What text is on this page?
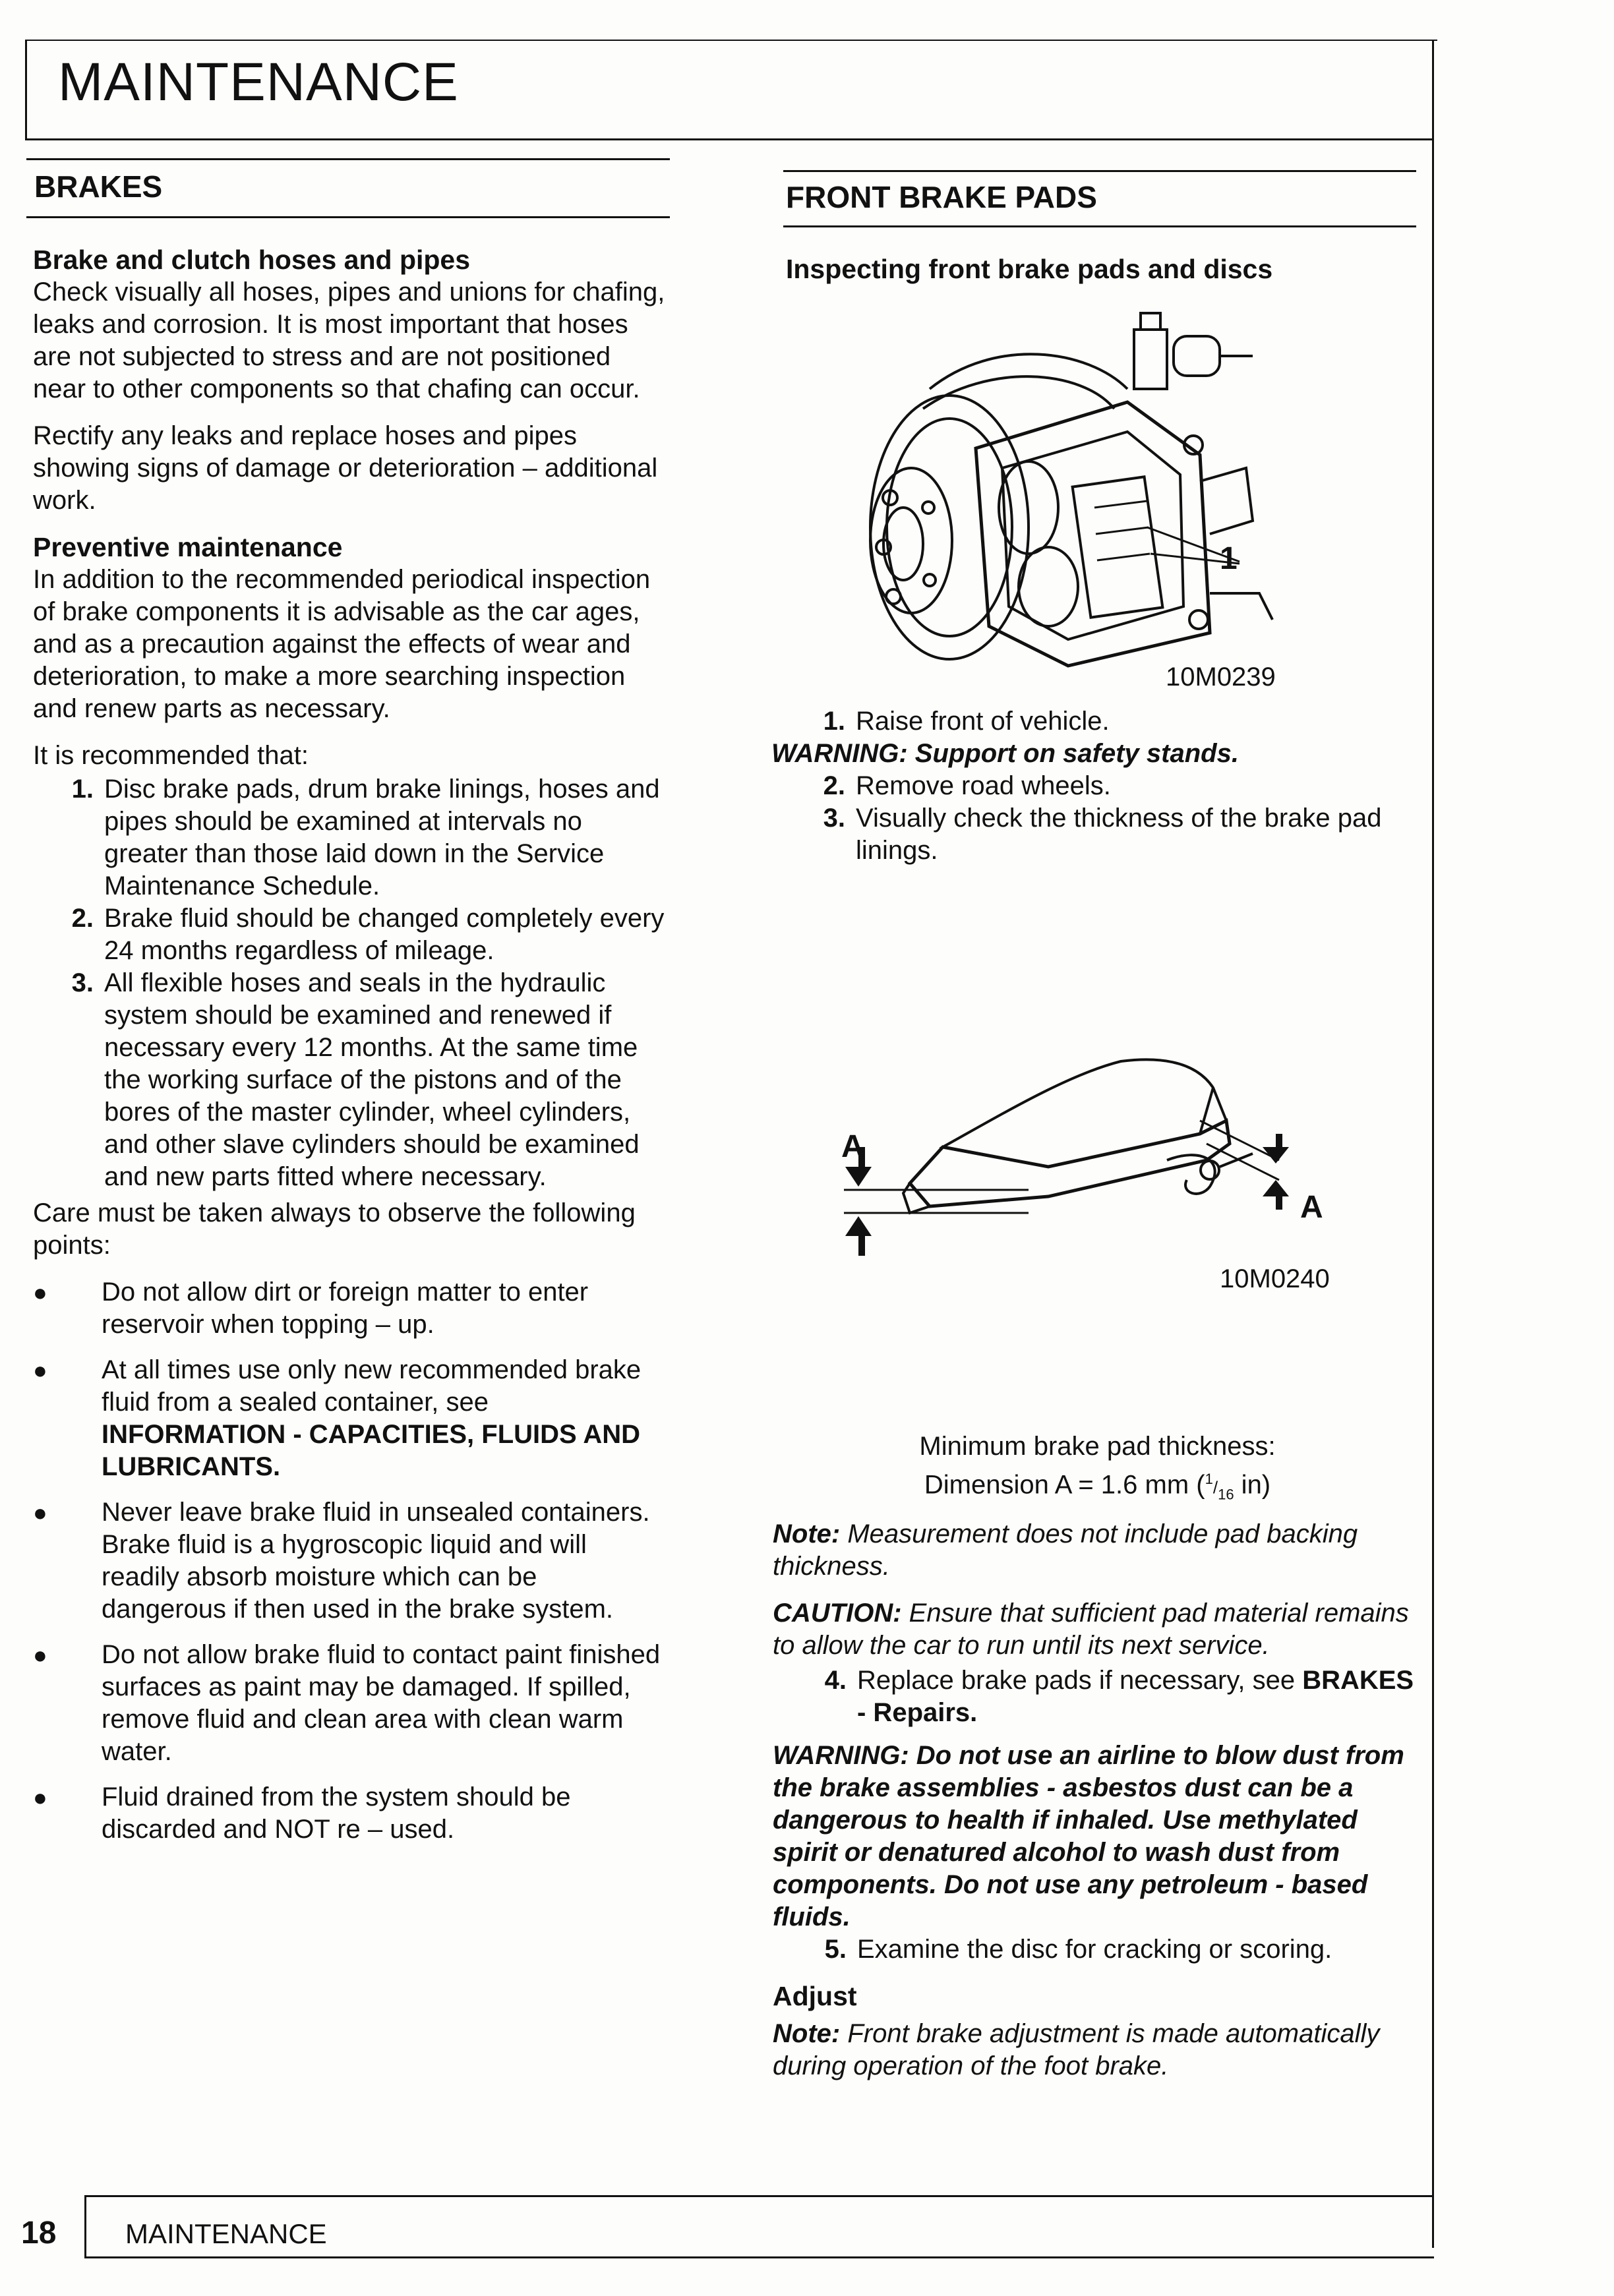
MAINTENANCE
BRAKES
Brake and clutch hoses and pipes

Check visually all hoses, pipes and unions for chafing, leaks and corrosion. It is most important that hoses are not subjected to stress and are not positioned near to other components so that chafing can occur.

Rectify any leaks and replace hoses and pipes showing signs of damage or deterioration – additional work.

Preventive maintenance

In addition to the recommended periodical inspection of brake components it is advisable as the car ages, and as a precaution against the effects of wear and deterioration, to make a more searching inspection and renew parts as necessary.

It is recommended that:

1. Disc brake pads, drum brake linings, hoses and pipes should be examined at intervals no greater than those laid down in the Service Maintenance Schedule.
2. Brake fluid should be changed completely every 24 months regardless of mileage.
3. All flexible hoses and seals in the hydraulic system should be examined and renewed if necessary every 12 months. At the same time the working surface of the pistons and of the bores of the master cylinder, wheel cylinders, and other slave cylinders should be examined and new parts fitted where necessary.

Care must be taken always to observe the following points:

●	Do not allow dirt or foreign matter to enter reservoir when topping – up.
●	At all times use only new recommended brake fluid from a sealed container, see INFORMATION - CAPACITIES, FLUIDS AND LUBRICANTS.
●	Never leave brake fluid in unsealed containers. Brake fluid is a hygroscopic liquid and will readily absorb moisture which can be dangerous if then used in the brake system.
●	Do not allow brake fluid to contact paint finished surfaces as paint may be damaged. If spilled, remove fluid and clean area with clean warm water.
●	Fluid drained from the system should be discarded and NOT re – used.
FRONT BRAKE PADS
Inspecting front brake pads and discs
1
10M0239
1. Raise front of vehicle.
WARNING: Support on safety stands.
2. Remove road wheels.
3. Visually check the thickness of the brake pad linings.
A
A
10M0240
Minimum brake pad thickness:
Dimension A = 1.6 mm ($^1/_{16}$ in)

Note: Measurement does not include pad backing thickness.

CAUTION: Ensure that sufficient pad material remains to allow the car to run until its next service.

4. Replace brake pads if necessary, see BRAKES - Repairs.

WARNING: Do not use an airline to blow dust from the brake assemblies - asbestos dust can be a dangerous to health if inhaled. Use methylated spirit or denatured alcohol to wash dust from components. Do not use any petroleum - based fluids.

5. Examine the disc for cracking or scoring.
Adjust

Note: Front brake adjustment is made automatically during operation of the foot brake.

18 MAINTENANCE
